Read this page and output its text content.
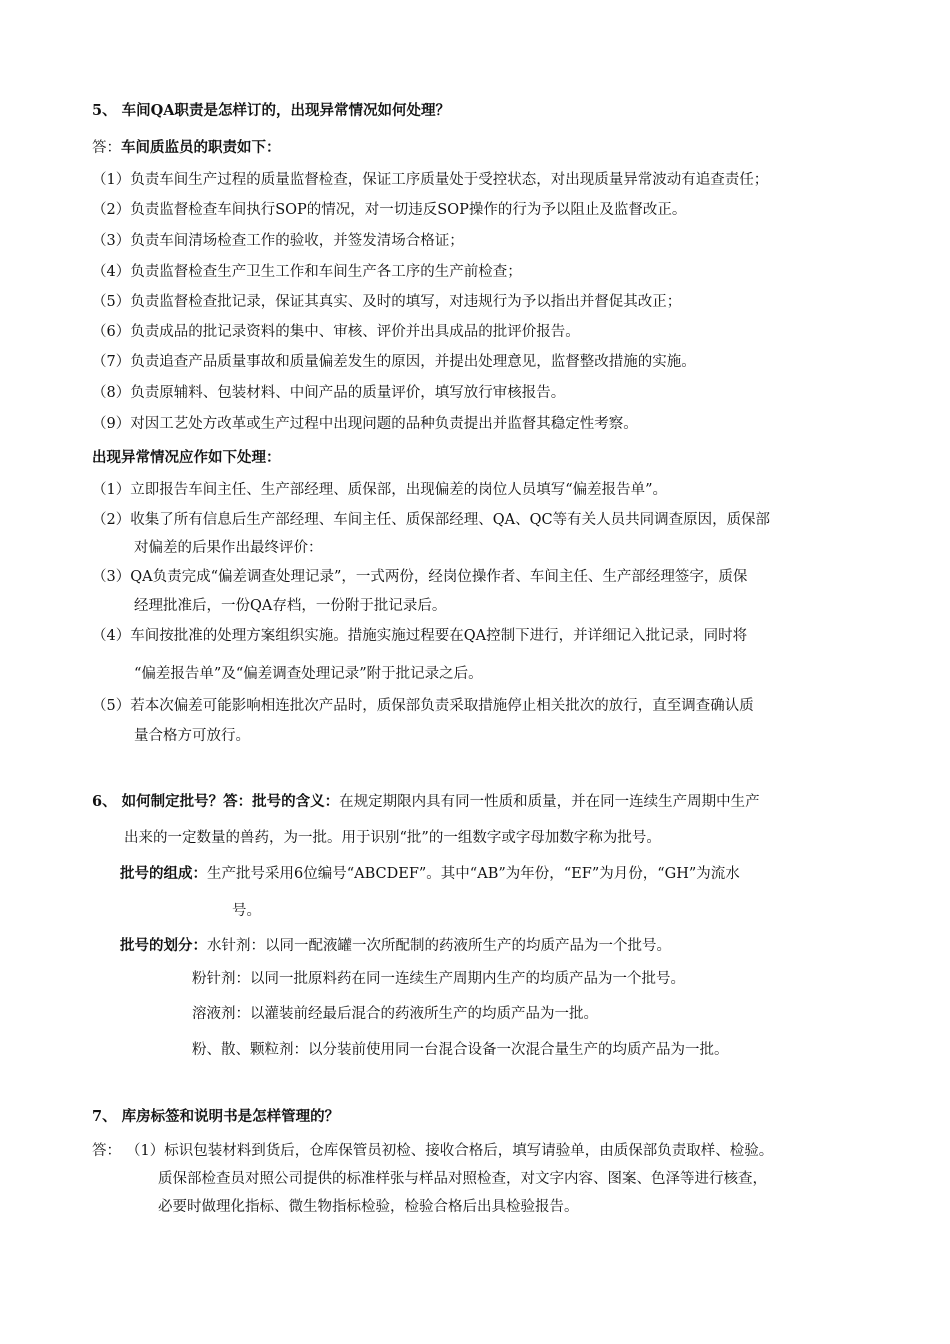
5、 车间QA职责是怎样订的，出现异常情况如何处理？
答：车间质监员的职责如下：
（1）负责车间生产过程的质量监督检查，保证工序质量处于受控状态，对出现质量异常波动有追查责任；
（2）负责监督检查车间执行SOP的情况，对一切违反SOP操作的行为予以阻止及监督改正。
（3）负责车间清场检查工作的验收，并签发清场合格证；
（4）负责监督检查生产卫生工作和车间生产各工序的生产前检查；
（5）负责监督检查批记录，保证其真实、及时的填写，对违规行为予以指出并督促其改正；
（6）负责成品的批记录资料的集中、审核、评价并出具成品的批评价报告。
（7）负责追查产品质量事故和质量偏差发生的原因，并提出处理意见，监督整改措施的实施。
（8）负责原辅料、包装材料、中间产品的质量评价，填写放行审核报告。
（9）对因工艺处方改革或生产过程中出现问题的品种负责提出并监督其稳定性考察。
出现异常情况应作如下处理：
（1）立即报告车间主任、生产部经理、质保部，出现偏差的岗位人员填写“偏差报告单”。
（2）收集了所有信息后生产部经理、车间主任、质保部经理、QA、QC等有关人员共同调查原因，质保部
对偏差的后果作出最终评价：
（3）QA负责完成“偏差调查处理记录”，一式两份，经岗位操作者、车间主任、生产部经理签字，质保
经理批准后，一份QA存档，一份附于批记录后。
（4）车间按批准的处理方案组织实施。措施实施过程要在QA控制下进行，并详细记入批记录，同时将
“偏差报告单”及“偏差调查处理记录”附于批记录之后。
（5）若本次偏差可能影响相连批次产品时，质保部负责采取措施停止相关批次的放行，直至调查确认质
量合格方可放行。
6、 如何制定批号？答：批号的含义：在规定期限内具有同一性质和质量，并在同一连续生产周期中生产
出来的一定数量的兽药，为一批。用于识别“批”的一组数字或字母加数字称为批号。
批号的组成：生产批号采用6位编号“ABCDEF”。其中“AB”为年份，“EF”为月份，“GH”为流水
号。
批号的划分：水针剂：以同一配液罐一次所配制的药液所生产的均质产品为一个批号。
粉针剂：以同一批原料药在同一连续生产周期内生产的均质产品为一个批号。
溶液剂：以灌装前经最后混合的药液所生产的均质产品为一批。
粉、散、颗粒剂：以分装前使用同一台混合设备一次混合量生产的均质产品为一批。
7、 库房标签和说明书是怎样管理的？
答： （1）标识包装材料到货后，仓库保管员初检、接收合格后，填写请验单，由质保部负责取样、检验。
质保部检查员对照公司提供的标准样张与样品对照检查，对文字内容、图案、色泽等进行核查，
必要时做理化指标、微生物指标检验，检验合格后出具检验报告。
